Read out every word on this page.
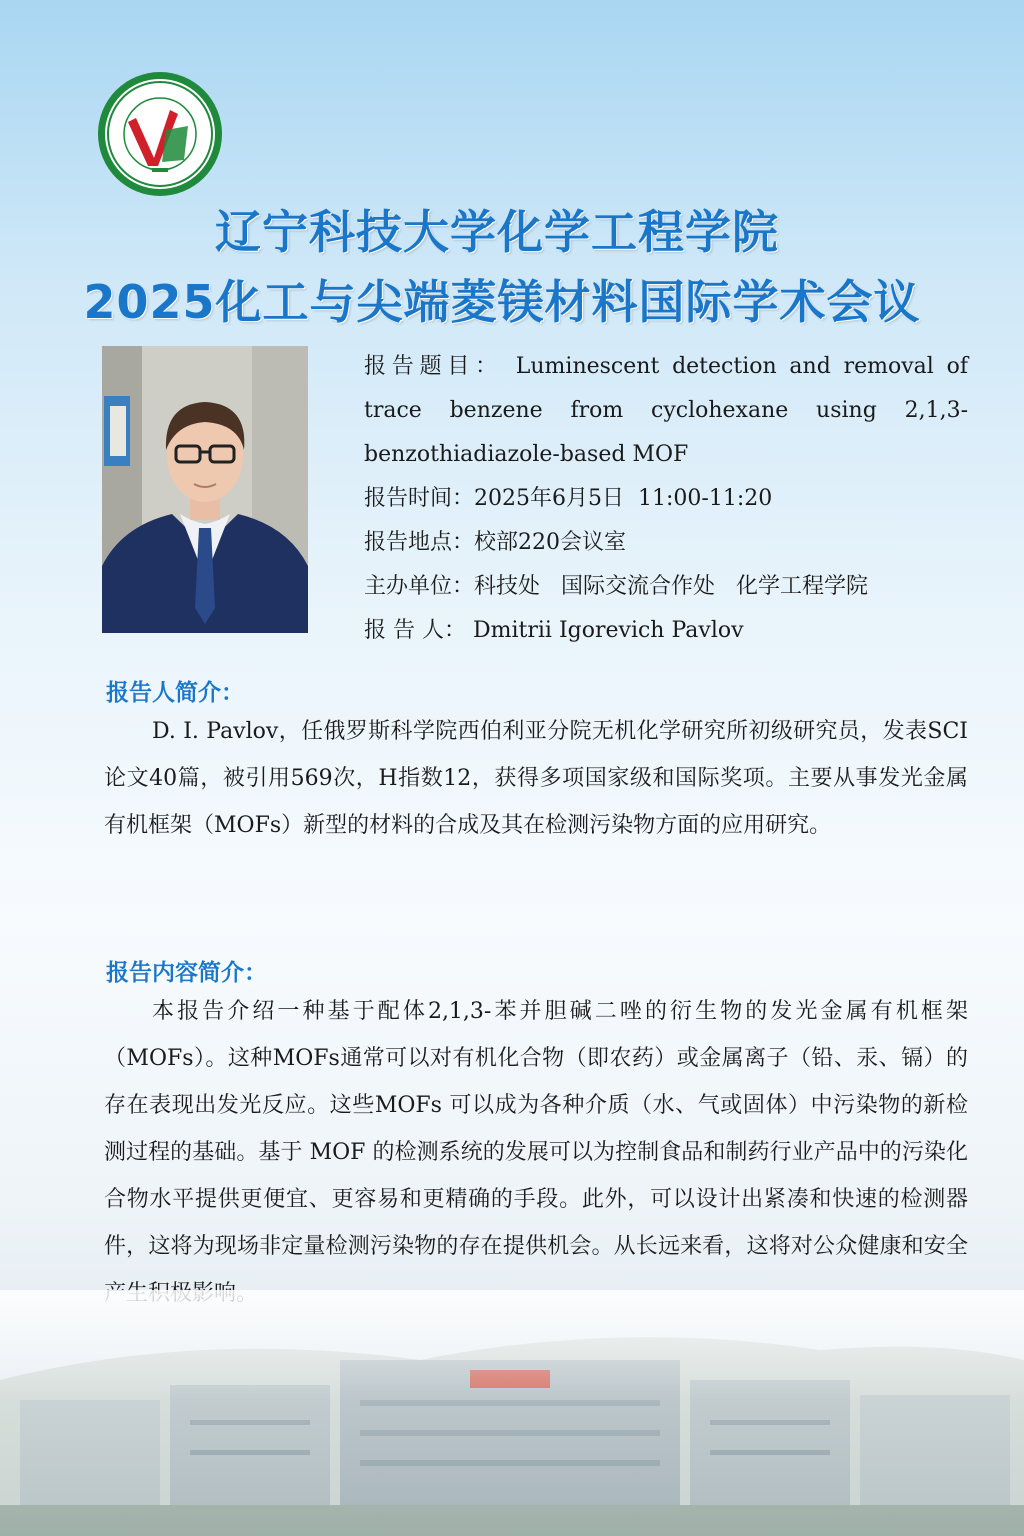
辽宁科技大学化学工程学院
2025化工与尖端菱镁材料国际学术会议

报告题目： Luminescent detection and removal of

trace benzene from cyclohexane using 2,1,3-

benzothiadiazole-based MOF

报告时间：2025年6月5日  11:00-11:20

报告地点：校部220会议室

主办单位：科技处   国际交流合作处   化学工程学院

报 告 人： Dmitrii Igorevich Pavlov

报告人简介：

D. I. Pavlov，任俄罗斯科学院西伯利亚分院无机化学研究所初级研究员，发表SCI论文40篇，被引用569次，H指数12，获得多项国家级和国际奖项。主要从事发光金属有机框架（MOFs）新型的材料的合成及其在检测污染物方面的应用研究。

报告内容简介：

本报告介绍一种基于配体2,1,3-苯并胆碱二唑的衍生物的发光金属有机框架（MOFs）。这种MOFs通常可以对有机化合物（即农药）或金属离子（铅、汞、镉）的存在表现出发光反应。这些MOFs 可以成为各种介质（水、气或固体）中污染物的新检测过程的基础。基于 MOF 的检测系统的发展可以为控制食品和制药行业产品中的污染化合物水平提供更便宜、更容易和更精确的手段。此外，可以设计出紧凑和快速的检测器件，这将为现场非定量检测污染物的存在提供机会。从长远来看，这将对公众健康和安全
